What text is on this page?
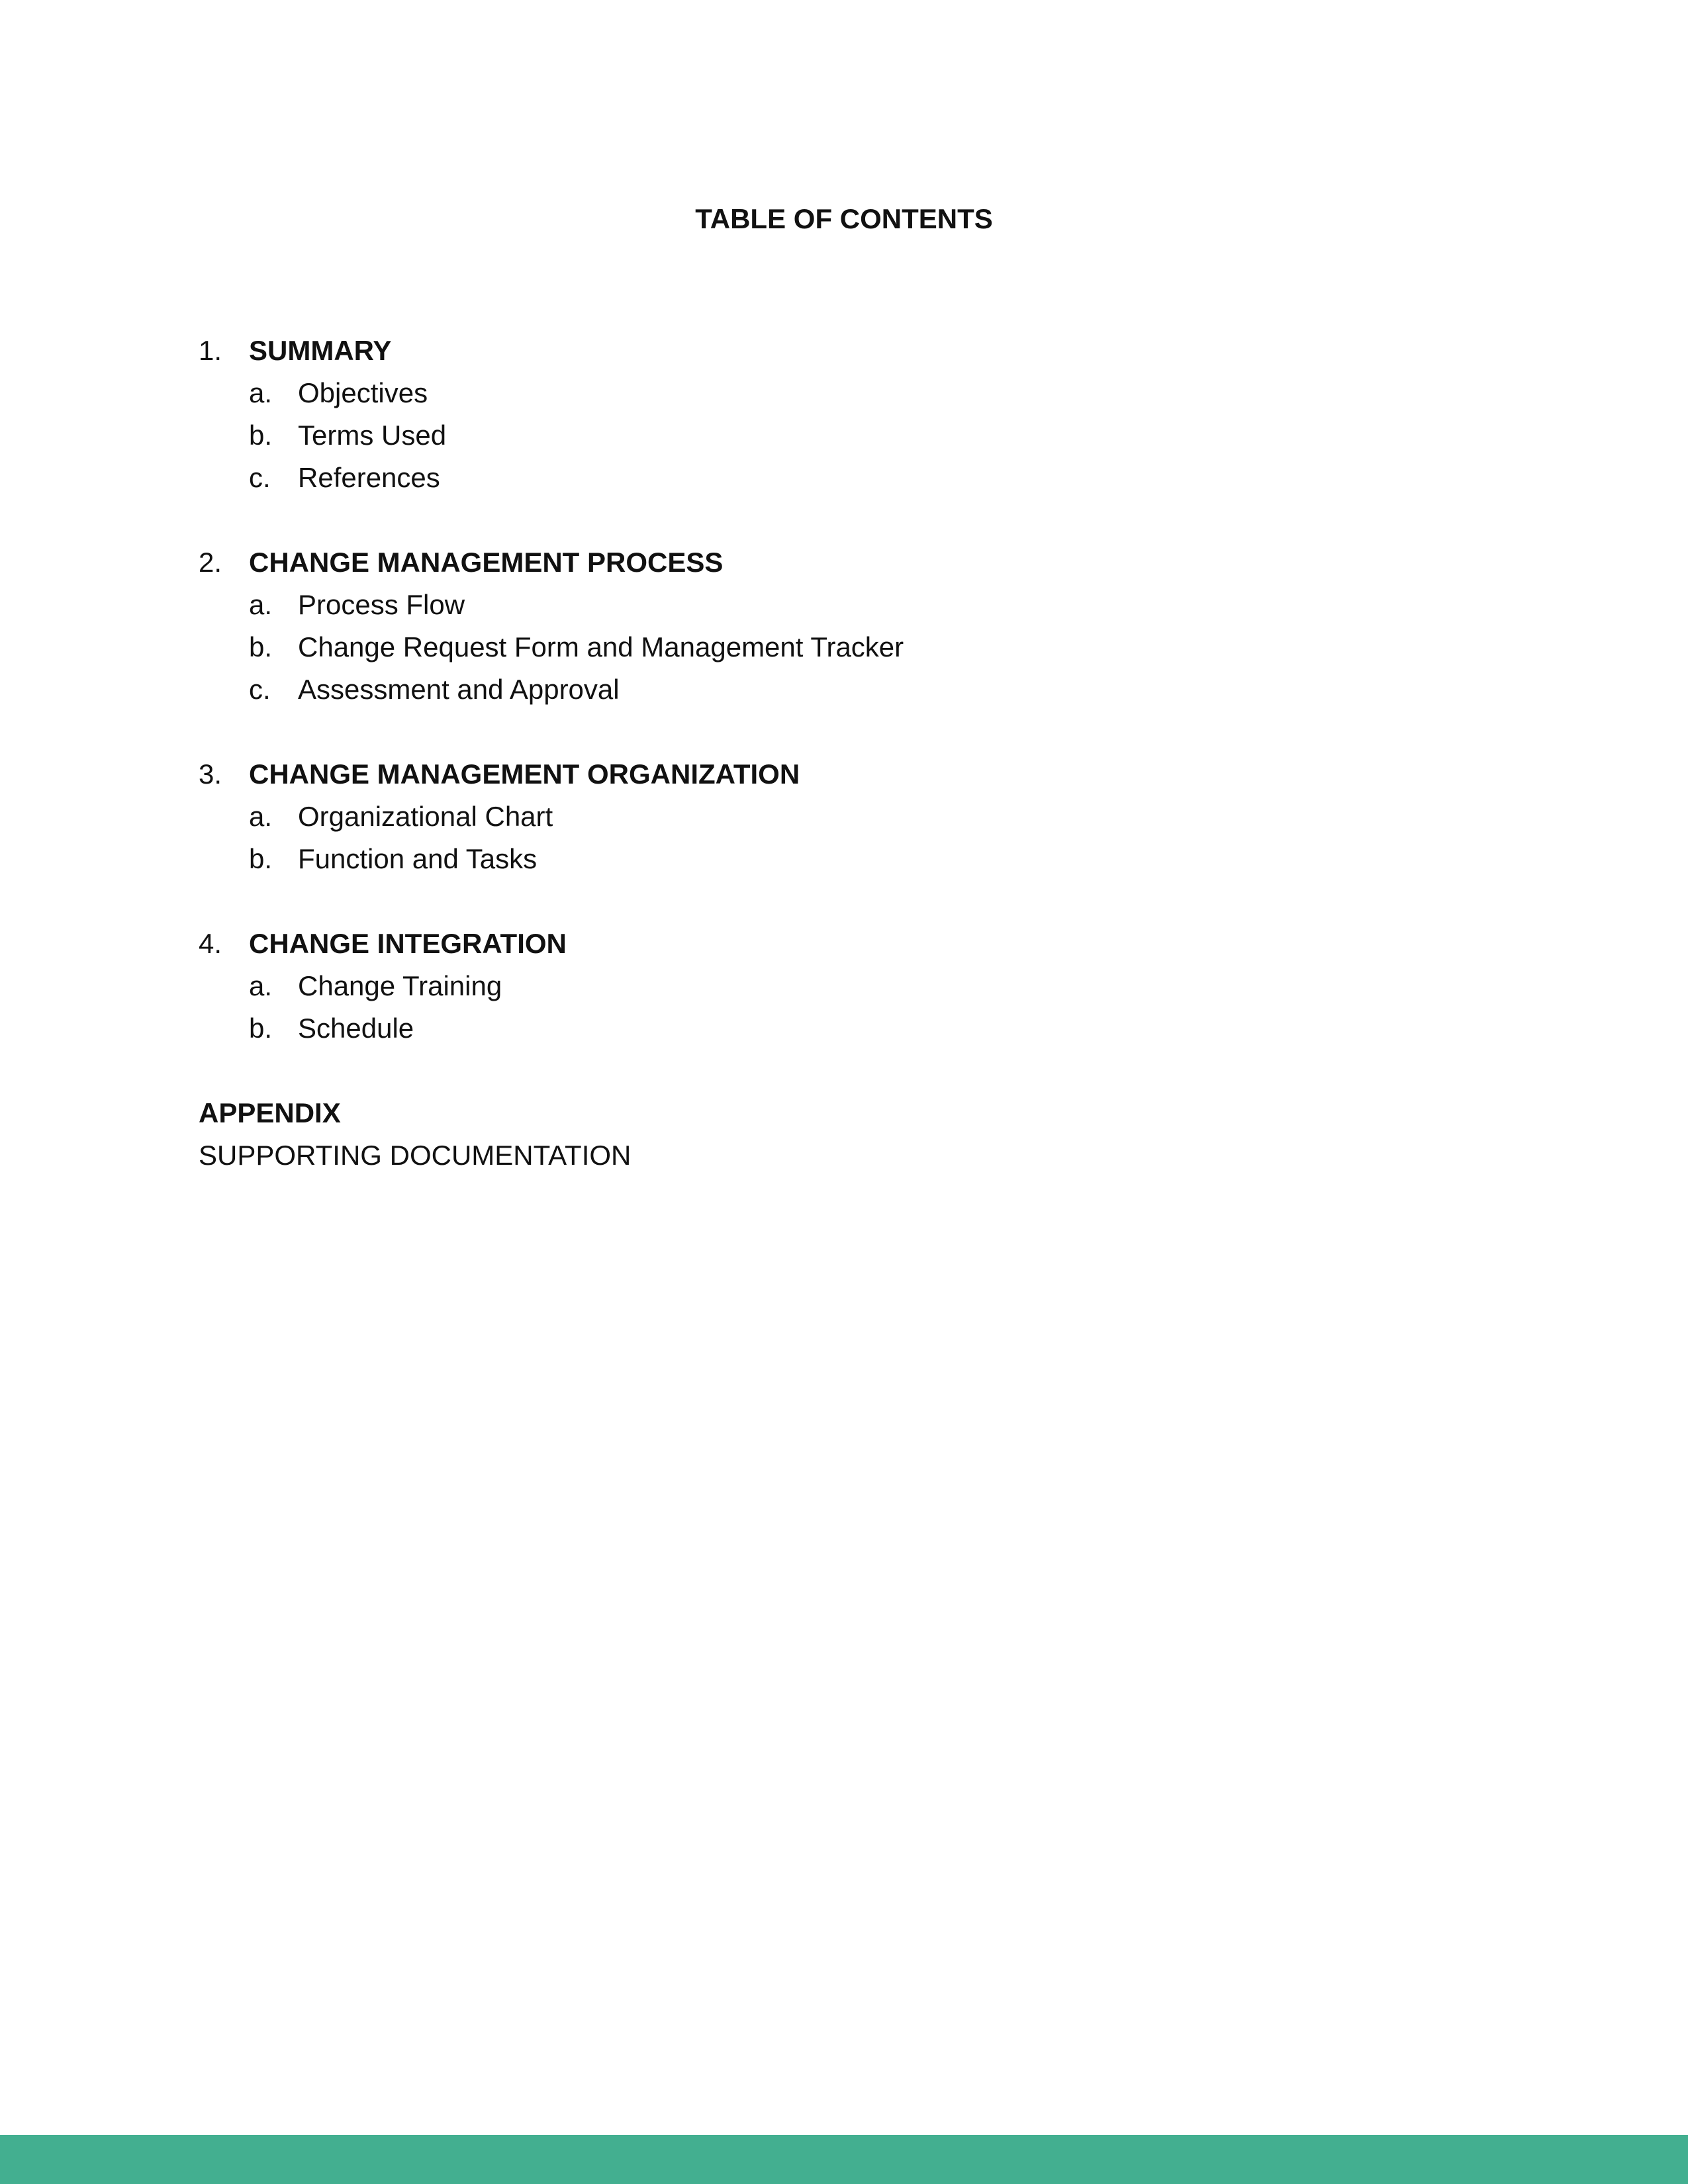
TABLE OF CONTENTS
1. SUMMARY
a. Objectives
b. Terms Used
c. References
2. CHANGE MANAGEMENT PROCESS
a. Process Flow
b. Change Request Form and Management Tracker
c. Assessment and Approval
3. CHANGE MANAGEMENT ORGANIZATION
a. Organizational Chart
b. Function and Tasks
4. CHANGE INTEGRATION
a. Change Training
b. Schedule
APPENDIX
SUPPORTING DOCUMENTATION
